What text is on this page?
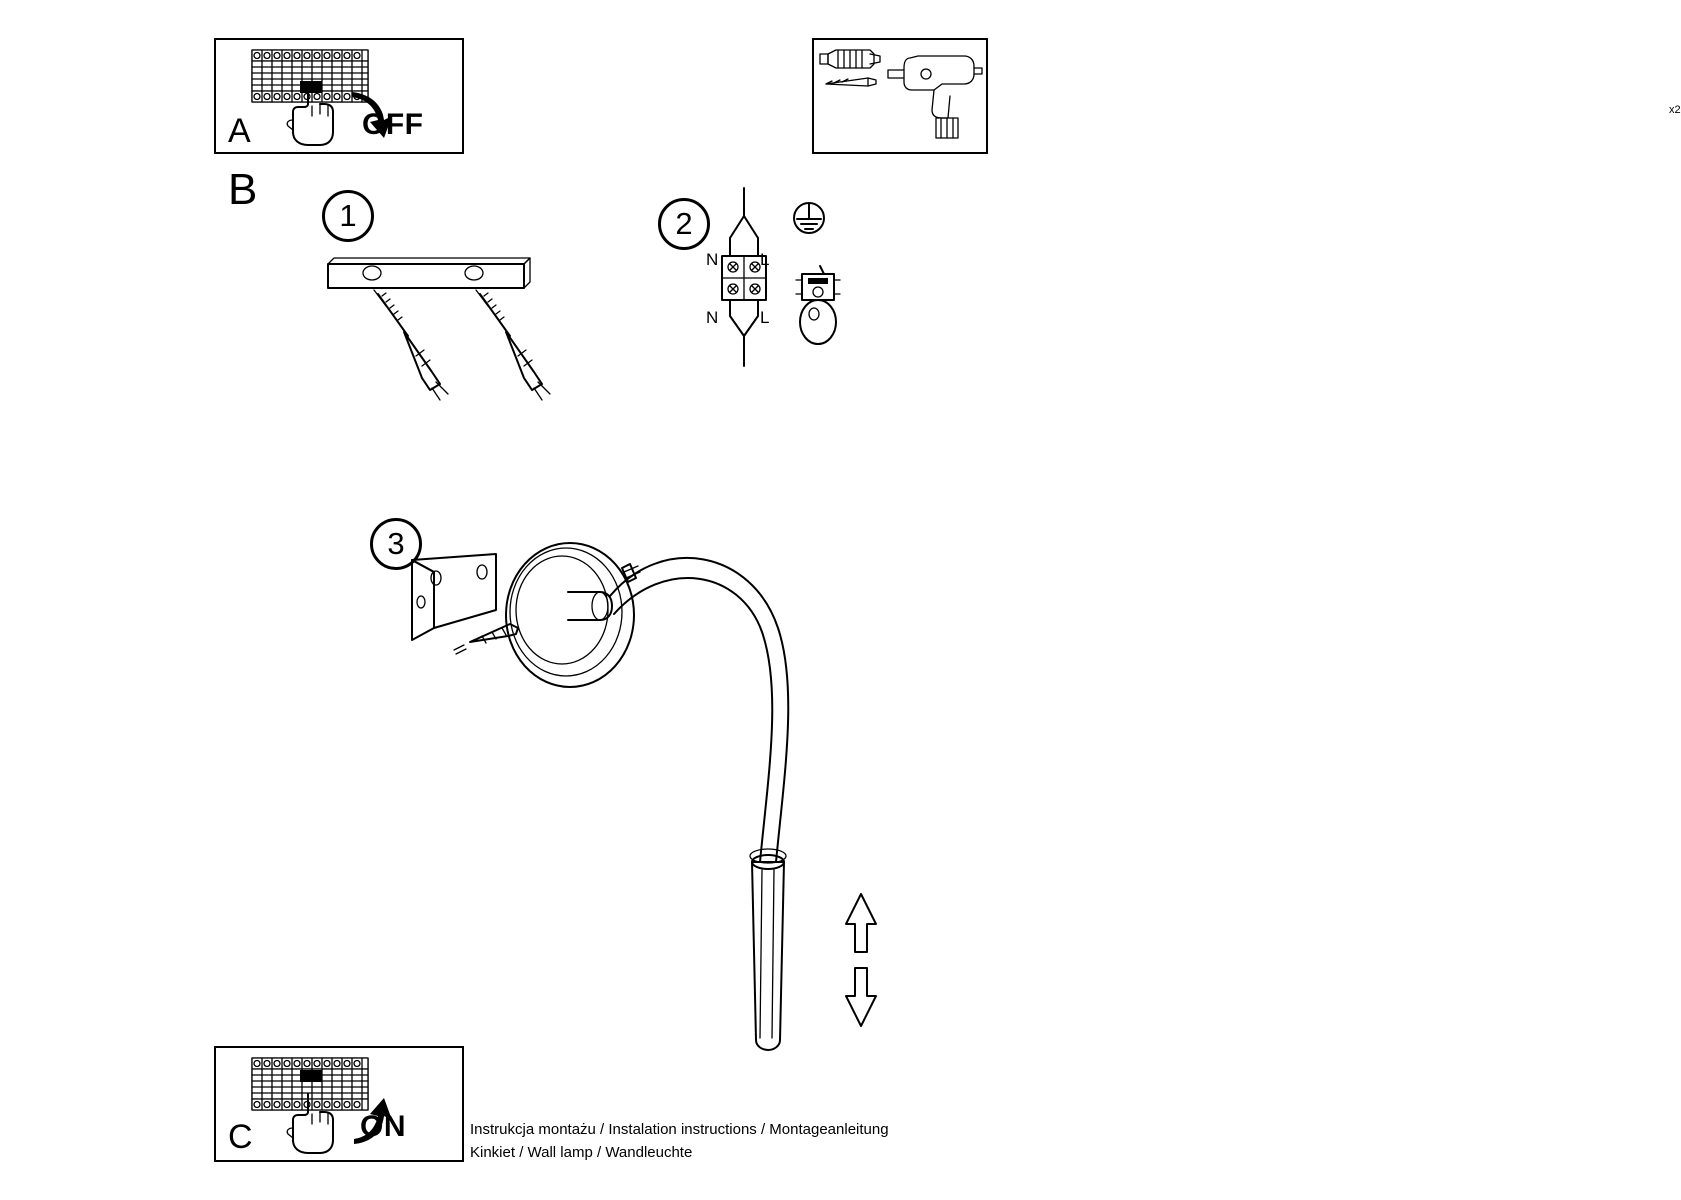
A	OFF	x2
B
1	2
N L
N L
3
C	ON	Instrukcja montażu / Instalation instructions / Montageanleitung
Kinkiet / Wall lamp / Wandleuchte
